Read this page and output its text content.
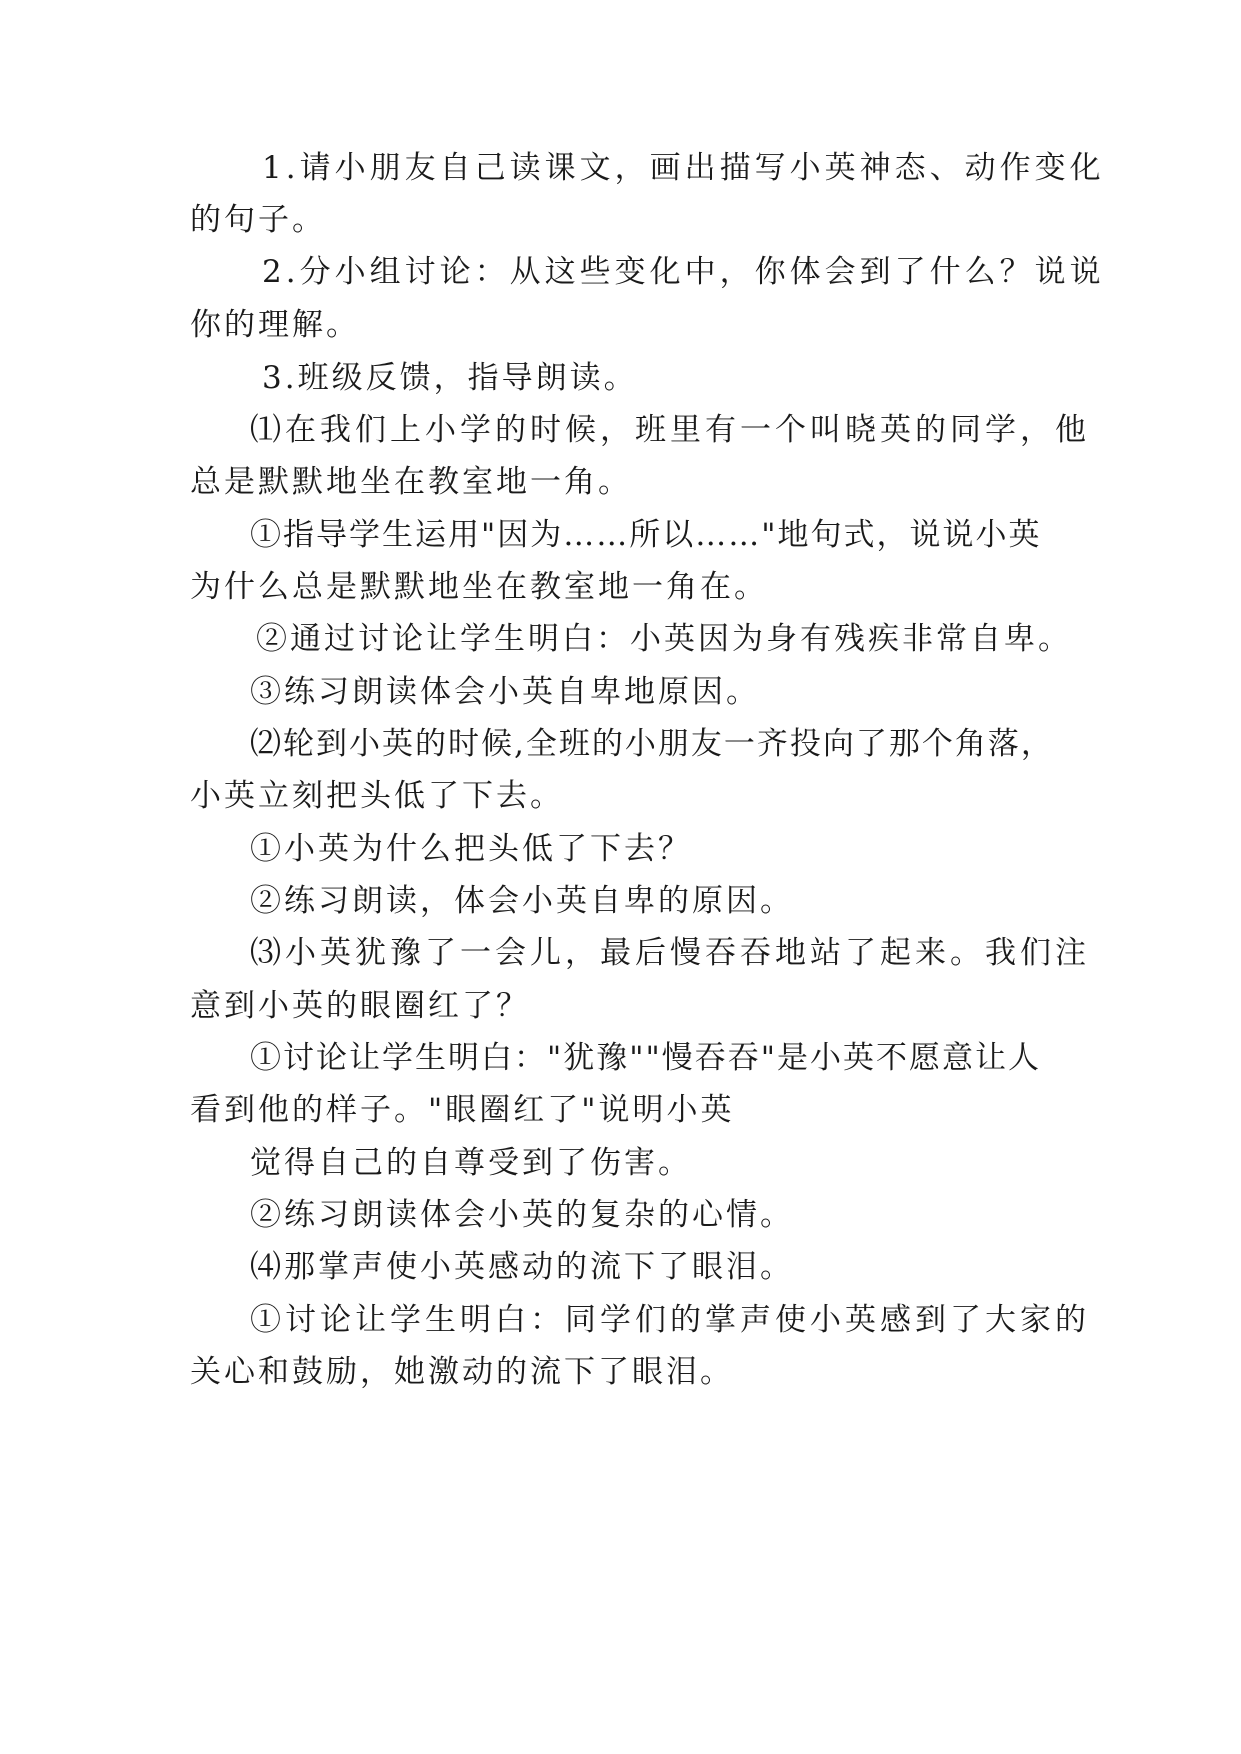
1.请小朋友自己读课文，画出描写小英神态、动作变化
的句子。
2.分小组讨论：从这些变化中，你体会到了什么？说说
你的理解。
3.班级反馈，指导朗读。
⑴在我们上小学的时候，班里有一个叫晓英的同学，他
总是默默地坐在教室地一角。
①指导学生运用"因为……所以……"地句式，说说小英
为什么总是默默地坐在教室地一角在。
②通过讨论让学生明白：小英因为身有残疾非常自卑。
③练习朗读体会小英自卑地原因。
⑵轮到小英的时候,全班的小朋友一齐投向了那个角落，
小英立刻把头低了下去。
①小英为什么把头低了下去？
②练习朗读，体会小英自卑的原因。
⑶小英犹豫了一会儿，最后慢吞吞地站了起来。我们注
意到小英的眼圈红了？
①讨论让学生明白："犹豫""慢吞吞"是小英不愿意让人
看到他的样子。"眼圈红了"说明小英
觉得自己的自尊受到了伤害。
②练习朗读体会小英的复杂的心情。
⑷那掌声使小英感动的流下了眼泪。
①讨论让学生明白：同学们的掌声使小英感到了大家的
关心和鼓励，她激动的流下了眼泪。
